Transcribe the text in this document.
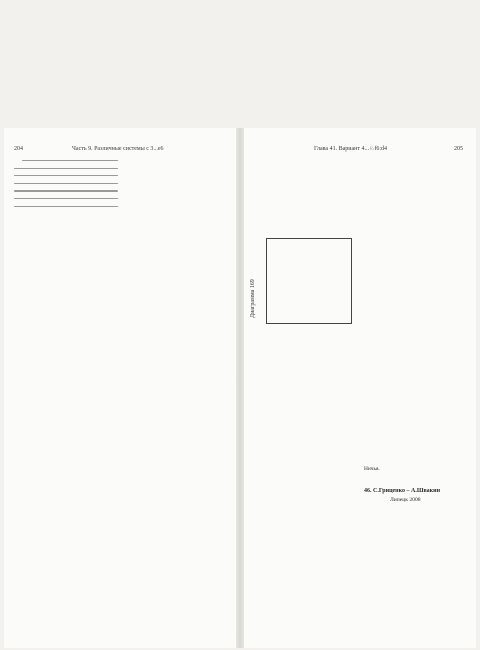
204	Часть 9. Различные системы с 3...е6	Глава 41. Вариант 4...♘f6:d4	205
Диаграмма 169
Ничья.
46. С.Гриценко – А.Швакин
Липецк 2008
